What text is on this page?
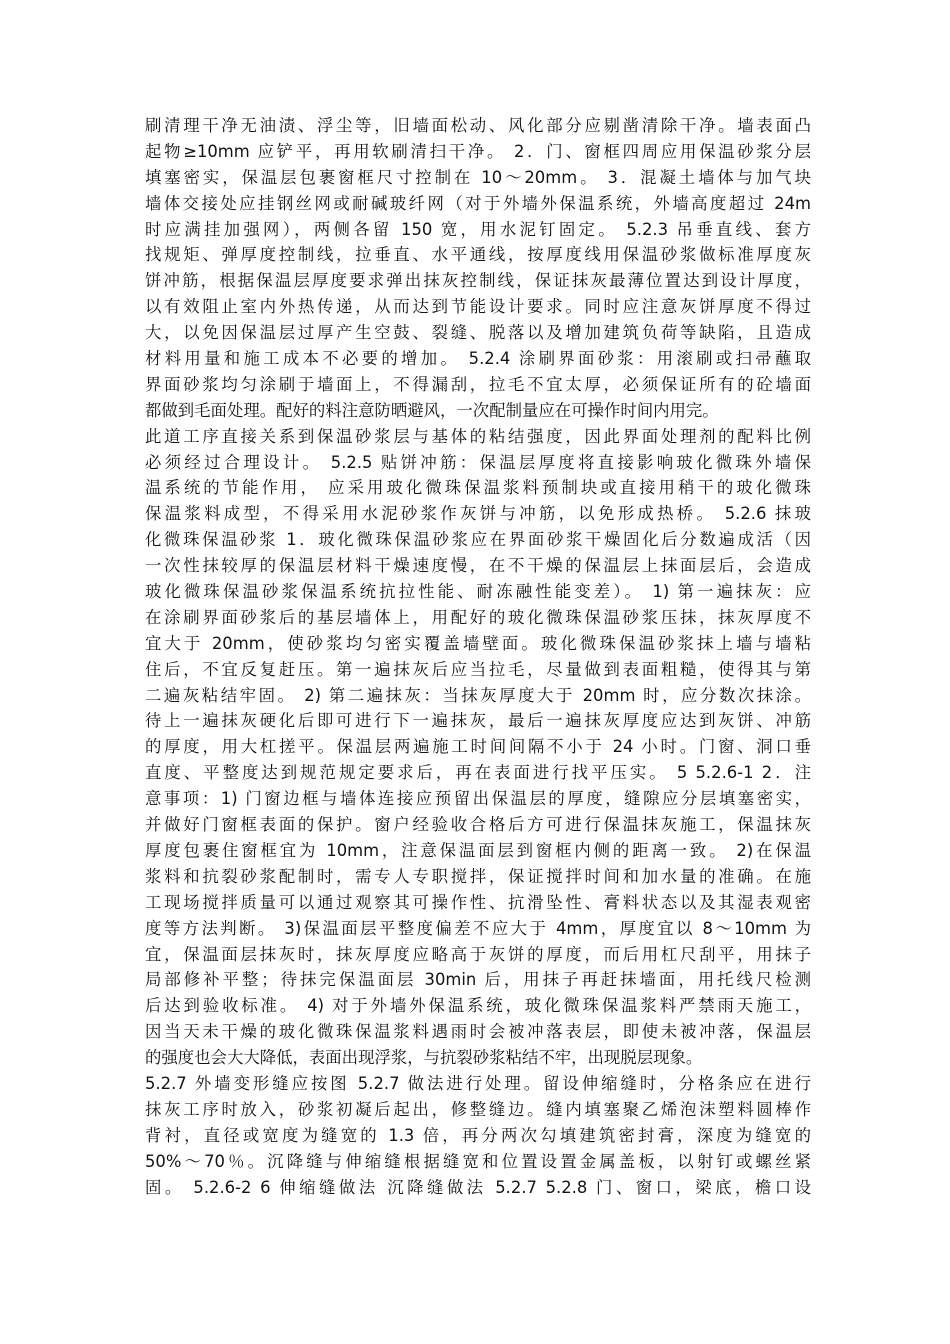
刷清理干净无油渍、浮尘等，旧墙面松动、风化部分应剔凿清除干净。墙表面凸
起物≥10mm 应铲平，再用软刷清扫干净。 2．门、窗框四周应用保温砂浆分层
填塞密实，保温层包裹窗框尺寸控制在 10～20mm。 3．混凝土墙体与加气块
墙体交接处应挂钢丝网或耐碱玻纤网（对于外墙外保温系统，外墙高度超过 24m
时应满挂加强网），两侧各留 150 宽，用水泥钉固定。 5.2.3 吊垂直线、套方
找规矩、弹厚度控制线，拉垂直、水平通线，按厚度线用保温砂浆做标准厚度灰
饼冲筋，根据保温层厚度要求弹出抹灰控制线，保证抹灰最薄位置达到设计厚度，
以有效阻止室内外热传递，从而达到节能设计要求。同时应注意灰饼厚度不得过
大，以免因保温层过厚产生空鼓、裂缝、脱落以及增加建筑负荷等缺陷，且造成
材料用量和施工成本不必要的增加。 5.2.4 涂刷界面砂浆：用滚刷或扫帚蘸取
界面砂浆均匀涂刷于墙面上，不得漏刮，拉毛不宜太厚，必须保证所有的砼墙面
都做到毛面处理。配好的料注意防晒避风，一次配制量应在可操作时间内用完。
此道工序直接关系到保温砂浆层与基体的粘结强度，因此界面处理剂的配料比例
必须经过合理设计。 5.2.5 贴饼冲筋：保温层厚度将直接影响玻化微珠外墙保
温系统的节能作用， 应采用玻化微珠保温浆料预制块或直接用稍干的玻化微珠
保温浆料成型，不得采用水泥砂浆作灰饼与冲筋，以免形成热桥。 5.2.6 抹玻
化微珠保温砂浆 1．玻化微珠保温砂浆应在界面砂浆干燥固化后分数遍成活（因
一次性抹较厚的保温层材料干燥速度慢，在不干燥的保温层上抹面层后，会造成
玻化微珠保温砂浆保温系统抗拉性能、耐冻融性能变差）。 1) 第一遍抹灰：应
在涂刷界面砂浆后的基层墙体上，用配好的玻化微珠保温砂浆压抹，抹灰厚度不
宜大于 20mm，使砂浆均匀密实覆盖墙壁面。玻化微珠保温砂浆抹上墙与墙粘
住后，不宜反复赶压。第一遍抹灰后应当拉毛，尽量做到表面粗糙，使得其与第
二遍灰粘结牢固。 2) 第二遍抹灰：当抹灰厚度大于 20mm 时，应分数次抹涂。
待上一遍抹灰硬化后即可进行下一遍抹灰，最后一遍抹灰厚度应达到灰饼、冲筋
的厚度，用大杠搓平。保温层两遍施工时间间隔不小于 24 小时。门窗、洞口垂
直度、平整度达到规范规定要求后，再在表面进行找平压实。 5 5.2.6-1 2．注
意事项：1) 门窗边框与墙体连接应预留出保温层的厚度，缝隙应分层填塞密实，
并做好门窗框表面的保护。窗户经验收合格后方可进行保温抹灰施工，保温抹灰
厚度包裹住窗框宜为 10mm，注意保温面层到窗框内侧的距离一致。 2)在保温
浆料和抗裂砂浆配制时，需专人专职搅拌，保证搅拌时间和加水量的准确。在施
工现场搅拌质量可以通过观察其可操作性、抗滑坠性、膏料状态以及其湿表观密
度等方法判断。 3)保温面层平整度偏差不应大于 4mm，厚度宜以 8～10mm 为
宜，保温面层抹灰时，抹灰厚度应略高于灰饼的厚度，而后用杠尺刮平，用抹子
局部修补平整；待抹完保温面层 30min 后，用抹子再赶抹墙面，用托线尺检测
后达到验收标准。 4) 对于外墙外保温系统，玻化微珠保温浆料严禁雨天施工，
因当天未干燥的玻化微珠保温浆料遇雨时会被冲落表层，即使未被冲落，保温层
的强度也会大大降低，表面出现浮浆，与抗裂砂浆粘结不牢，出现脱层现象。
5.2.7 外墙变形缝应按图 5.2.7 做法进行处理。留设伸缩缝时，分格条应在进行
抹灰工序时放入，砂浆初凝后起出，修整缝边。缝内填塞聚乙烯泡沫塑料圆棒作
背衬，直径或宽度为缝宽的 1.3 倍，再分两次勾填建筑密封膏，深度为缝宽的
50%～70％。沉降缝与伸缩缝根据缝宽和位置设置金属盖板，以射钉或螺丝紧
固。 5.2.6-2 6 伸缩缝做法 沉降缝做法 5.2.7 5.2.8 门、窗口，梁底，檐口设
